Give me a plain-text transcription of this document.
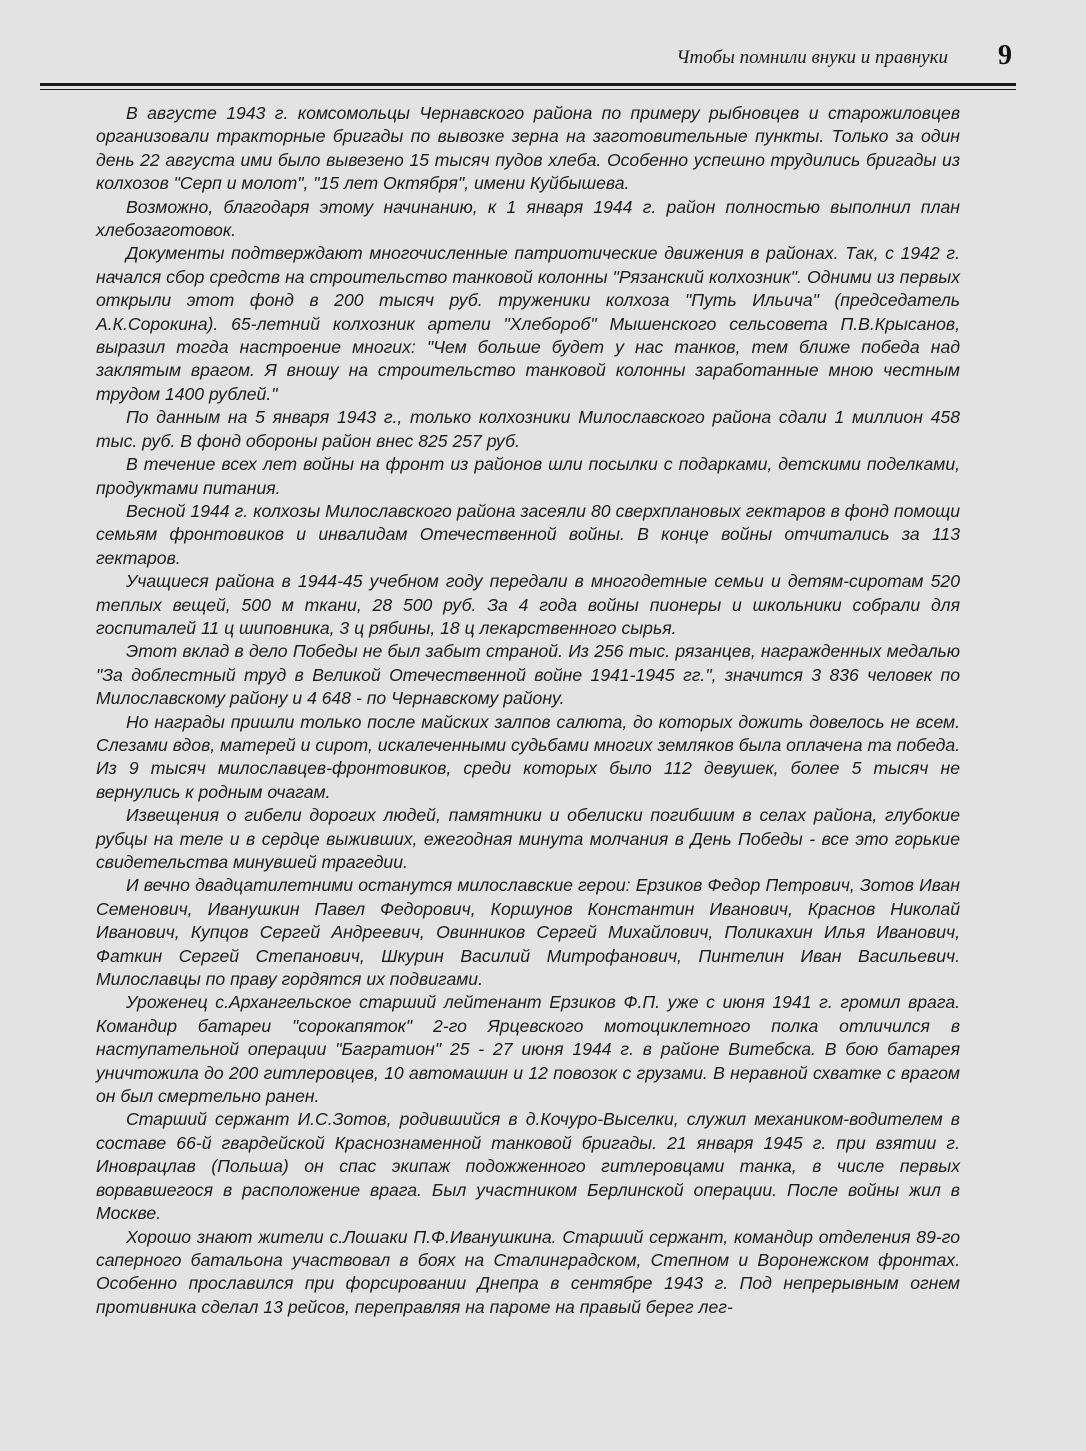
Чтобы помнили внуки и правнуки 9

В августе 1943 г. комсомольцы Чернавского района по примеру рыбновцев и старожиловцев организовали тракторные бригады по вывозке зерна на заготовительные пункты. Только за один день 22 августа ими было вывезено 15 тысяч пудов хлеба. Особенно успешно трудились бригады из колхозов "Серп и молот", "15 лет Октября", имени Куйбышева.

Возможно, благодаря этому начинанию, к 1 января 1944 г. район полностью выполнил план хлебозаготовок.

Документы подтверждают многочисленные патриотические движения в районах. Так, с 1942 г. начался сбор средств на строительство танковой колонны "Рязанский колхозник". Одними из первых открыли этот фонд в 200 тысяч руб. труженики колхоза "Путь Ильича" (председатель А.К.Сорокина). 65-летний колхозник артели "Хлебороб" Мышенского сельсовета П.В.Крысанов, выразил тогда настроение многих: "Чем больше будет у нас танков, тем ближе победа над заклятым врагом. Я вношу на строительство танковой колонны заработанные мною честным трудом 1400 рублей."

По данным на 5 января 1943 г., только колхозники Милославского района сдали 1 миллион 458 тыс. руб. В фонд обороны район внес 825 257 руб.

В течение всех лет войны на фронт из районов шли посылки с подарками, детскими поделками, продуктами питания.

Весной 1944 г. колхозы Милославского района засеяли 80 сверхплановых гектаров в фонд помощи семьям фронтовиков и инвалидам Отечественной войны. В конце войны отчитались за 113 гектаров.

Учащиеся района в 1944-45 учебном году передали в многодетные семьи и детям-сиротам 520 теплых вещей, 500 м ткани, 28 500 руб. За 4 года войны пионеры и школьники собрали для госпиталей 11 ц шиповника, 3 ц рябины, 18 ц лекарственного сырья.

Этот вклад в дело Победы не был забыт страной. Из 256 тыс. рязанцев, награжденных медалью "За доблестный труд в Великой Отечественной войне 1941-1945 гг.", значится 3 836 человек по Милославскому району и 4 648 - по Чернавскому району.

Но награды пришли только после майских залпов салюта, до которых дожить довелось не всем. Слезами вдов, матерей и сирот, искалеченными судьбами многих земляков была оплачена та победа. Из 9 тысяч милославцев-фронтовиков, среди которых было 112 девушек, более 5 тысяч не вернулись к родным очагам.

Извещения о гибели дорогих людей, памятники и обелиски погибшим в селах района, глубокие рубцы на теле и в сердце выживших, ежегодная минута молчания в День Победы - все это горькие свидетельства минувшей трагедии.

И вечно двадцатилетними останутся милославские герои: Ерзиков Федор Петрович, Зотов Иван Семенович, Иванушкин Павел Федорович, Коршунов Константин Иванович, Краснов Николай Иванович, Купцов Сергей Андреевич, Овинников Сергей Михайлович, Поликахин Илья Иванович, Фаткин Сергей Степанович, Шкурин Василий Митрофанович, Пинтелин Иван Васильевич. Милославцы по праву гордятся их подвигами.

Уроженец с.Архангельское старший лейтенант Ерзиков Ф.П. уже с июня 1941 г. громил врага. Командир батареи "сорокапяток" 2-го Ярцевского мотоциклетного полка отличился в наступательной операции "Багратион" 25 - 27 июня 1944 г. в районе Витебска. В бою батарея уничтожила до 200 гитлеровцев, 10 автомашин и 12 повозок с грузами. В неравной схватке с врагом он был смертельно ранен.

Старший сержант И.С.Зотов, родившийся в д.Кочуро-Выселки, служил механиком-водителем в составе 66-й гвардейской Краснознаменной танковой бригады. 21 января 1945 г. при взятии г. Иноврацлав (Польша) он спас экипаж подожженного гитлеровцами танка, в числе первых ворвавшегося в расположение врага. Был участником Берлинской операции. После войны жил в Москве.

Хорошо знают жители с.Лошаки П.Ф.Иванушкина. Старший сержант, командир отделения 89-го саперного батальона участвовал в боях на Сталинградском, Степном и Воронежском фронтах. Особенно прославился при форсировании Днепра в сентябре 1943 г. Под непрерывным огнем противника сделал 13 рейсов, переправляя на пароме на правый берег лег-
